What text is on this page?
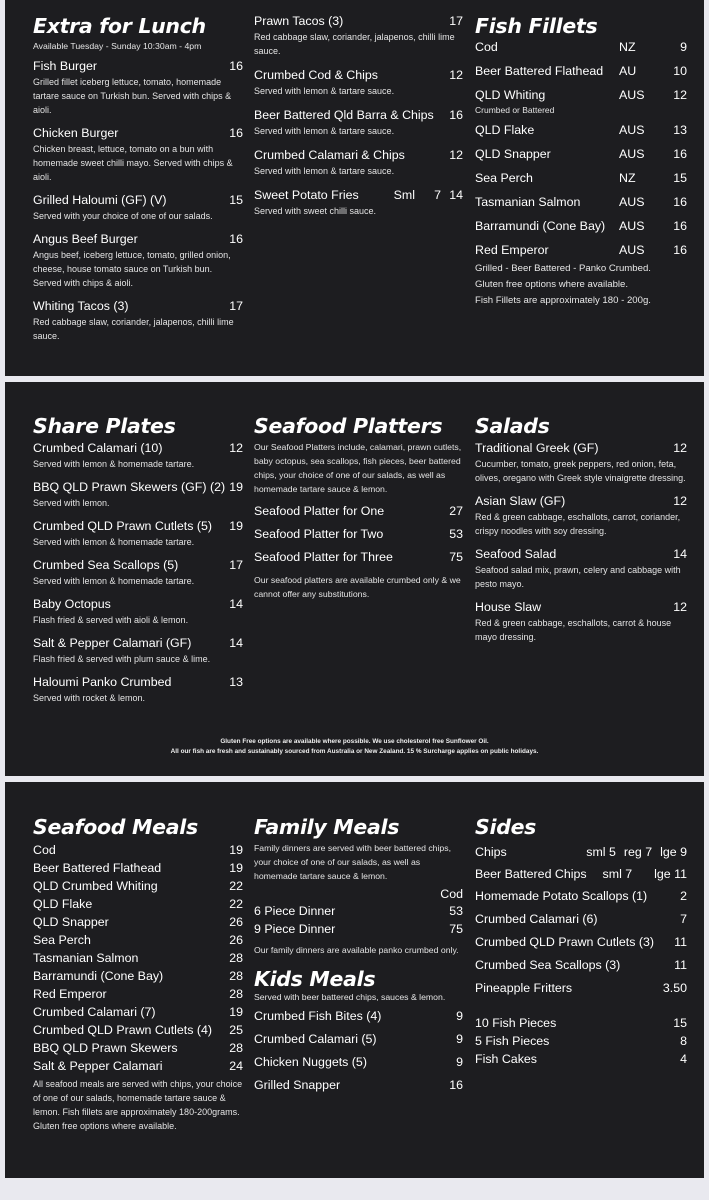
Extra for Lunch
Available Tuesday - Sunday 10:30am - 4pm
Fish Burger	16
Grilled fillet iceberg lettuce, tomato, homemade tartare sauce on Turkish bun. Served with chips & aioli.
Chicken Burger	16
Chicken breast, lettuce, tomato on a bun with homemade sweet chilli mayo. Served with chips & aioli.
Grilled Haloumi (GF) (V)	15
Served with your choice of one of our salads.
Angus Beef Burger	16
Angus beef, iceberg lettuce, tomato, grilled onion, cheese, house tomato sauce on Turkish bun. Served with chips & aioli.
Whiting Tacos (3)	17
Red cabbage slaw, coriander, jalapenos, chilli lime sauce.
Prawn Tacos (3)	17
Red cabbage slaw, coriander, jalapenos, chilli lime sauce.
Crumbed Cod & Chips	12
Served with lemon & tartare sauce.
Beer Battered Qld Barra & Chips	16
Served with lemon & tartare sauce.
Crumbed Calamari & Chips	12
Served with lemon & tartare sauce.
Sweet Potato Fries	Sml	7 14
Served with sweet chilli sauce.
Fish Fillets
Cod	NZ	9
Beer Battered Flathead	AU	10
QLD Whiting	AUS	12
Crumbed or Battered
QLD Flake	AUS	13
QLD Snapper	AUS	16
Sea Perch	NZ	15
Tasmanian Salmon	AUS	16
Barramundi (Cone Bay)	AUS	16
Red Emperor	AUS	16
Grilled - Beer Battered - Panko Crumbed.
Gluten free options where available.
Fish Fillets are approximately 180 - 200g.
Share Plates
Crumbed Calamari (10)	12
Served with lemon & homemade tartare.
BBQ QLD Prawn Skewers (GF) (2) 19
Served with lemon.
Crumbed QLD Prawn Cutlets (5)	19
Served with lemon & homemade tartare.
Crumbed Sea Scallops (5)	17
Served with lemon & homemade tartare.
Baby Octopus	14
Flash fried & served with aioli & lemon.
Salt & Pepper Calamari (GF)	14
Flash fried & served with plum sauce & lime.
Haloumi Panko Crumbed	13
Served with rocket & lemon.
Seafood Platters
Our Seafood Platters include, calamari, prawn cutlets, baby octopus, sea scallops, fish pieces, beer battered chips, your choice of one of our salads, as well as homemade tartare sauce & lemon.
Seafood Platter for One	27
Seafood Platter for Two	53
Seafood Platter for Three	75
Our seafood platters are available crumbed only & we cannot offer any substitutions.
Salads
Traditional Greek (GF)	12
Cucumber, tomato, greek peppers, red onion, feta, olives, oregano with Greek style vinaigrette dressing.
Asian Slaw (GF)	12
Red & green cabbage, eschallots, carrot, coriander, crispy noodles with soy dressing.
Seafood Salad	14
Seafood salad mix, prawn, celery and cabbage with pesto mayo.
House Slaw	12
Red & green cabbage, eschallots, carrot & house mayo dressing.
Gluten Free options are available where possible. We use cholesterol free Sunflower Oil.
All our fish are fresh and sustainably sourced from Australia or New Zealand. 15 % Surcharge applies on public holidays.
Seafood Meals
Cod	19
Beer Battered Flathead	19
QLD Crumbed Whiting	22
QLD Flake	22
QLD Snapper	26
Sea Perch	26
Tasmanian Salmon	28
Barramundi (Cone Bay)	28
Red Emperor	28
Crumbed Calamari (7)	19
Crumbed QLD Prawn Cutlets (4)	25
BBQ QLD Prawn Skewers	28
Salt & Pepper Calamari	24
All seafood meals are served with chips, your choice of one of our salads, homemade tartare sauce & lemon. Fish fillets are approximately 180-200grams. Gluten free options where available.
Family Meals
Family dinners are served with beer battered chips, your choice of one of our salads, as well as homemade tartare sauce & lemon.
Cod
6 Piece Dinner	53
9 Piece Dinner	75
Our family dinners are available panko crumbed only.
Kids Meals
Served with beer battered chips, sauces & lemon.
Crumbed Fish Bites (4)	9
Crumbed Calamari (5)	9
Chicken Nuggets (5)	9
Grilled Snapper	16
Sides
Chips	sml 5 reg 7 lge 9
Beer Battered Chips	sml 7 lge 11
Homemade Potato Scallops (1)	2
Crumbed Calamari (6)	7
Crumbed QLD Prawn Cutlets (3)	11
Crumbed Sea Scallops (3)	11
Pineapple Fritters	3.50
10 Fish Pieces	15
5 Fish Pieces	8
Fish Cakes	4
